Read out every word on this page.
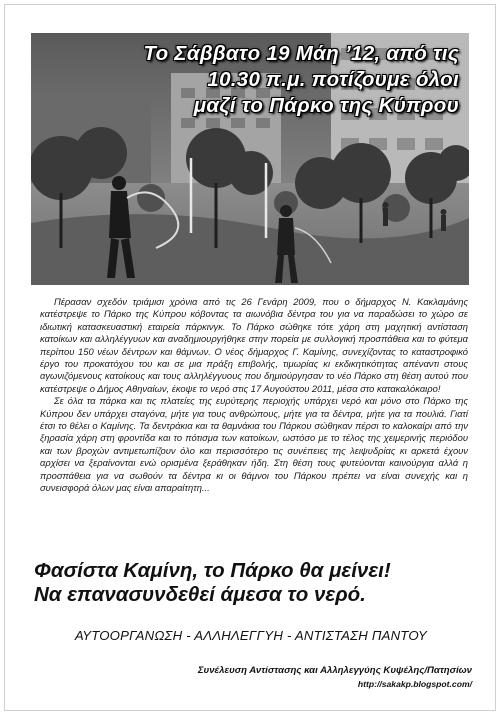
Το Σάββατο 19 Μάη ’12, από τις
10.30 π.μ. ποτίζουμε όλοι
μαζί το Πάρκο της Κύπρου

Πέρασαν σχεδόν τριάμισι χρόνια από τις 26 Γενάρη 2009, που ο δήμαρχος Ν. Κακλαμάνης κατέστρεψε το Πάρκο της Κύπρου κόβοντας τα αιωνόβια δέντρα του για να παραδώσει το χώρο σε ιδιωτική κατασκευαστική εταιρεία πάρκινγκ. Το Πάρκο σώθηκε τότε χάρη στη μαχητική αντίσταση κατοίκων και αλληλέγγυων και αναδημιουργήθηκε στην πορεία με συλλογική προσπάθεια και το φύτεμα περίπου 150 νέων δέντρων και θάμνων. Ο νέος δήμαρχος Γ. Καμίνης, συνεχίζοντας το καταστροφικό έργο του προκατόχου του και σε μια πράξη επιβολής, τιμωρίας κι εκδικητικότητας απέναντι στους αγωνιζόμενους κατοίκους και τους αλληλέγγυους που δημιούργησαν το νέο Πάρκο στη θέση αυτού που κατέστρεψε ο Δήμος Αθηναίων, έκοψε το νερό στις 17 Αυγούστου 2011, μέσα στο κατακαλόκαιρο!

Σε όλα τα πάρκα και τις πλατείες της ευρύτερης περιοχής υπάρχει νερό και μόνο στο Πάρκο της Κύπρου δεν υπάρχει σταγόνα, μήτε για τους ανθρώπους, μήτε για τα δέντρα, μήτε για τα πουλιά. Γιατί έτσι το θέλει ο Καμίνης. Τα δεντράκια και τα θαμνάκια του Πάρκου σώθηκαν πέρσι το καλοκαίρι από την ξηρασία χάρη στη φροντίδα και το πότισμα των κατοίκων, ωστόσο με το τέλος της χειμερινής περιόδου και των βροχών αντιμετωπίζουν όλο και περισσότερο τις συνέπειες της λειψυδρίας κι αρκετά έχουν αρχίσει να ξεραίνονται ενώ ορισμένα ξεράθηκαν ήδη. Στη θέση τους φυτεύονται καινούργια αλλά η προσπάθεια για να σωθούν τα δέντρα κι οι θάμνοι του Πάρκου πρέπει να είναι συνεχής και η συνεισφορά όλων μας είναι απαραίτητη...

Φασίστα Καμίνη, το Πάρκο θα μείνει!
Να επανασυνδεθεί άμεσα το νερό.
ΑΥΤΟΟΡΓΑΝΩΣΗ - ΑΛΛΗΛΕΓΓΥΗ - ΑΝΤΙΣΤΑΣΗ ΠΑΝΤΟΥ
Συνέλευση Αντίστασης και Αλληλεγγύης Κυψέλης/Πατησίων
http://sakakp.blogspot.com/
